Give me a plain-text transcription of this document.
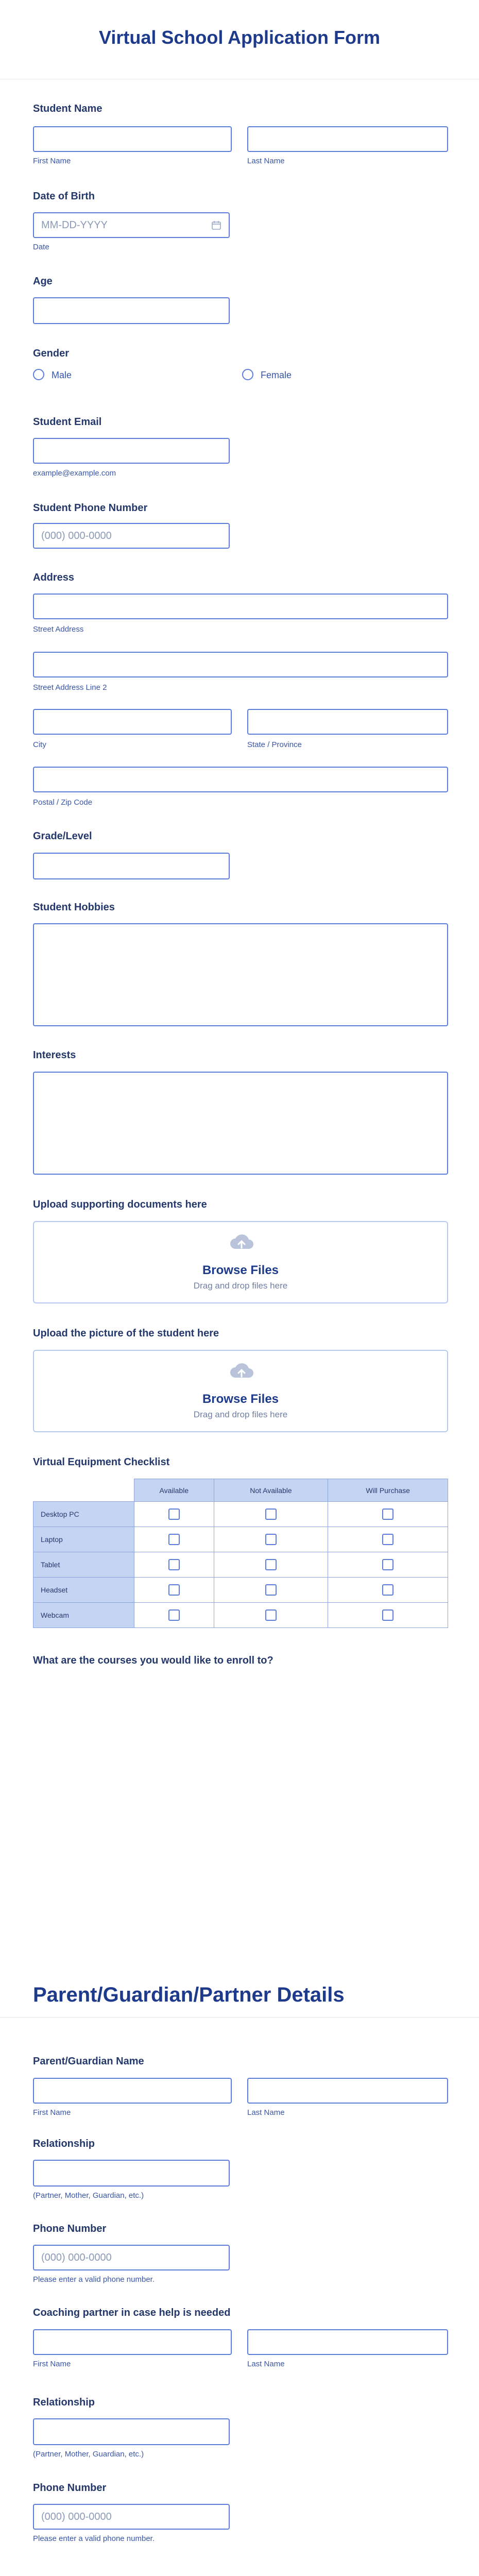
Virtual School Application Form
Student Name
First Name	Last Name
Date of Birth
MM-DD-YYYY
Date
Age
Gender
Male	Female
Student Email
example@example.com
Student Phone Number
(000) 000-0000
Address
Street Address
Street Address Line 2
City	State / Province
Postal / Zip Code
Grade/Level
Student Hobbies
Interests
Upload supporting documents here
Browse Files
Drag and drop files here
Upload the picture of the student here
Browse Files
Drag and drop files here
Virtual Equipment Checklist
	Available	Not Available	Will Purchase
Desktop PC			
Laptop			
Tablet			
Headset			
Webcam			
What are the courses you would like to enroll to?
Parent/Guardian/Partner Details
Parent/Guardian Name
First Name	Last Name
Relationship
(Partner, Mother, Guardian, etc.)
Phone Number
(000) 000-0000
Please enter a valid phone number.
Coaching partner in case help is needed
First Name	Last Name
Relationship
(Partner, Mother, Guardian, etc.)
Phone Number
(000) 000-0000
Please enter a valid phone number.
